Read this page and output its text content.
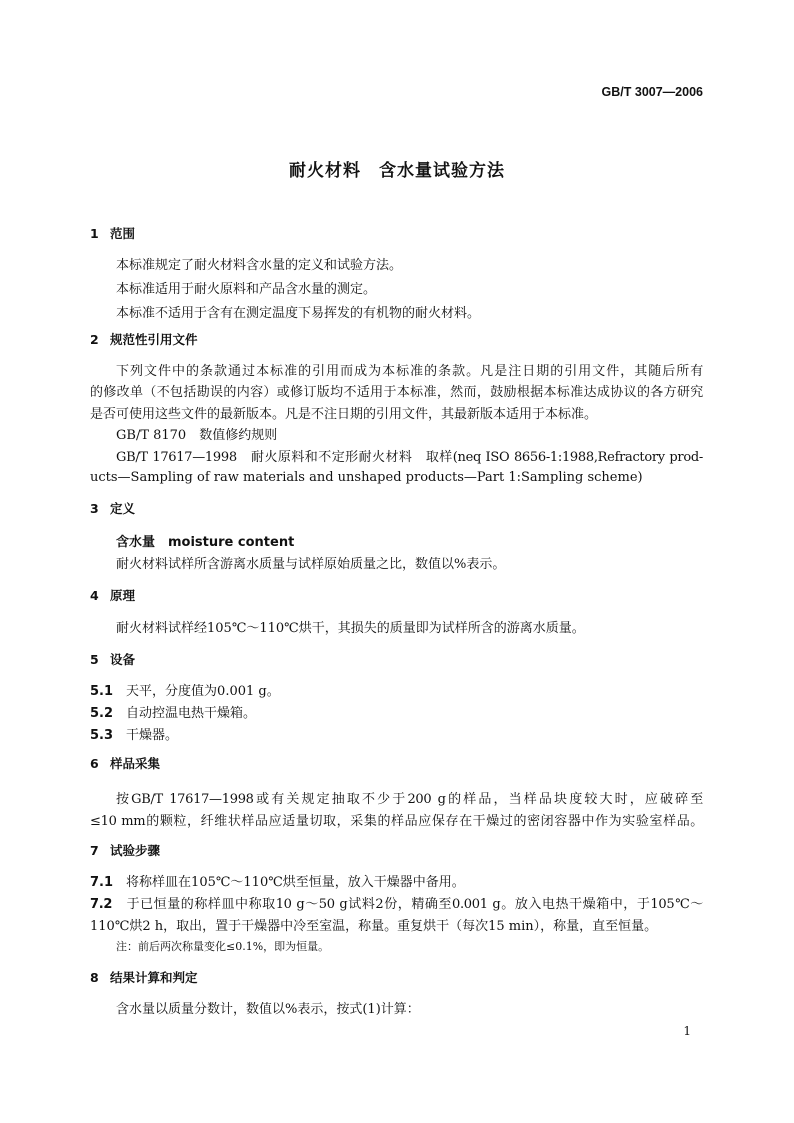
GB/T 3007—2006
耐火材料　含水量试验方法
1 范围
本标准规定了耐火材料含水量的定义和试验方法。
本标准适用于耐火原料和产品含水量的测定。
本标准不适用于含有在测定温度下易挥发的有机物的耐火材料。
2 规范性引用文件
下列文件中的条款通过本标准的引用而成为本标准的条款。凡是注日期的引用文件，其随后所有
的修改单（不包括勘误的内容）或修订版均不适用于本标准，然而，鼓励根据本标准达成协议的各方研究
是否可使用这些文件的最新版本。凡是不注日期的引用文件，其最新版本适用于本标准。
GB/T 8170　数值修约规则
GB/T 17617—1998　耐火原料和不定形耐火材料　取样(neq ISO 8656-1:1988,Refractory prod-
ucts—Sampling of raw materials and unshaped products—Part 1:Sampling scheme)
3 定义
含水量　moisture content
耐火材料试样所含游离水质量与试样原始质量之比，数值以%表示。
4 原理
耐火材料试样经105℃～110℃烘干，其损失的质量即为试样所含的游离水质量。
5 设备
5.1　 天平，分度值为0.001 g。
5.2　 自动控温电热干燥箱。
5.3　 干燥器。
6 样品采集
按GB/T 17617—1998或有关规定抽取不少于200 g的样品，当样品块度较大时，应破碎至
≤10 mm的颗粒，纤维状样品应适量切取，采集的样品应保存在干燥过的密闭容器中作为实验室样品。
7 试验步骤
7.1　 将称样皿在105℃～110℃烘至恒量，放入干燥器中备用。
7.2　 于已恒量的称样皿中称取10 g～50 g试料2份，精确至0.001 g。放入电热干燥箱中，于105℃～
110℃烘2 h，取出，置于干燥器中冷至室温，称量。重复烘干（每次15 min），称量，直至恒量。
注：前后两次称量变化≤0.1%，即为恒量。
8 结果计算和判定
含水量以质量分数计，数值以%表示，按式(1)计算：
1
